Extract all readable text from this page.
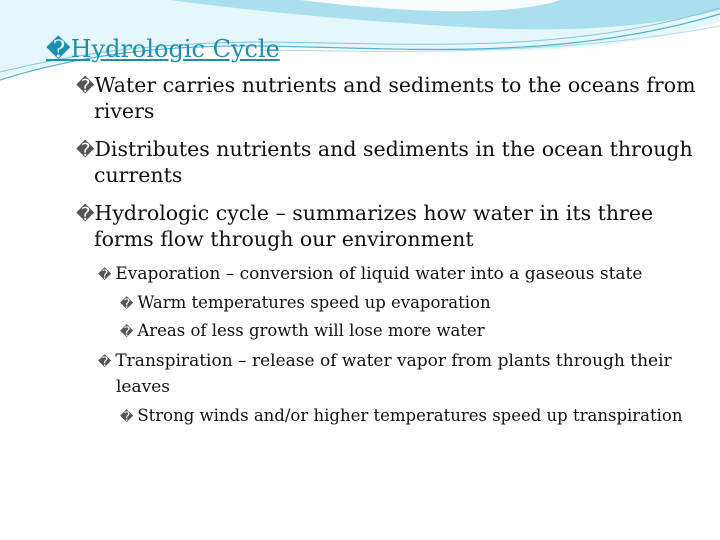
�Hydrologic Cycle
�Water carries nutrients and sediments to the oceans from rivers
�Distributes nutrients and sediments in the ocean through currents
�Hydrologic cycle – summarizes how water in its three forms flow through our environment
� Evaporation – conversion of liquid water into a gaseous state
� Warm temperatures speed up evaporation
� Areas of less growth will lose more water
� Transpiration – release of water vapor from plants through their leaves
� Strong winds and/or higher temperatures speed up transpiration
